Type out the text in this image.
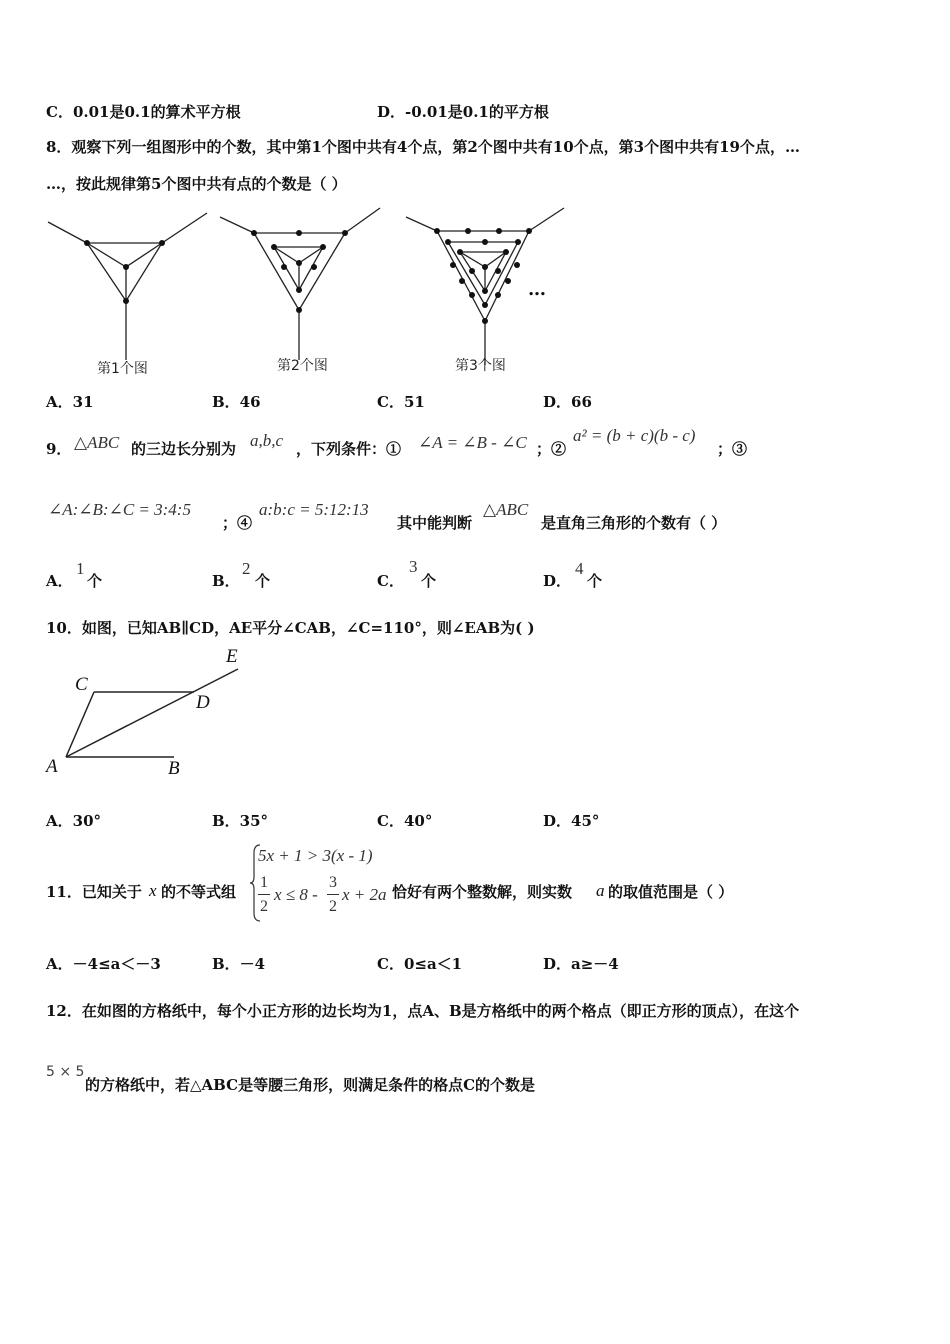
C．0.01是0.1的算术平方根	D．-0.01是0.1的平方根
8．观察下列一组图形中的个数，其中第1个图中共有4个点，第2个图中共有10个点，第3个图中共有19个点，…
…，按此规律第5个图中共有点的个数是（ ）
…
第1个图	第2个图	第3个图
A．31	B．46	C．51	D．66
9． △ABC 的三边长分别为 a,b,c ，下列条件：① ∠A = ∠B - ∠C ；②
a² = (b + c)(b - c)
；③
∠A:∠B:∠C = 3:4:5
；④
a:b:c = 5:12:13
其中能判断
△ABC
是直角三角形的个数有（ ）
A．
1
个	B．
2
个	C．
3
个	D．
4
个
10．如图，已知AB∥CD，AE平分∠CAB，∠C=110°，则∠EAB为( )
A	B
C
D
E
A．30°	B．35°	C．40°	D．45°
11．已知关于 x 的不等式组
5x + 1 > 3(x - 1)
1
2
x ≤ 8 -
3
2
x + 2a 恰好有两个整数解，则实数 a 的取值范围是（ ）
A．－4≤a＜－3	B．－4	C．0≤a＜1	D．a≥－4
12．在如图的方格纸中，每个小正方形的边长均为1，点A、B是方格纸中的两个格点（即正方形的顶点），在这个
5 × 5
的方格纸中，若△ABC是等腰三角形，则满足条件的格点C的个数是
